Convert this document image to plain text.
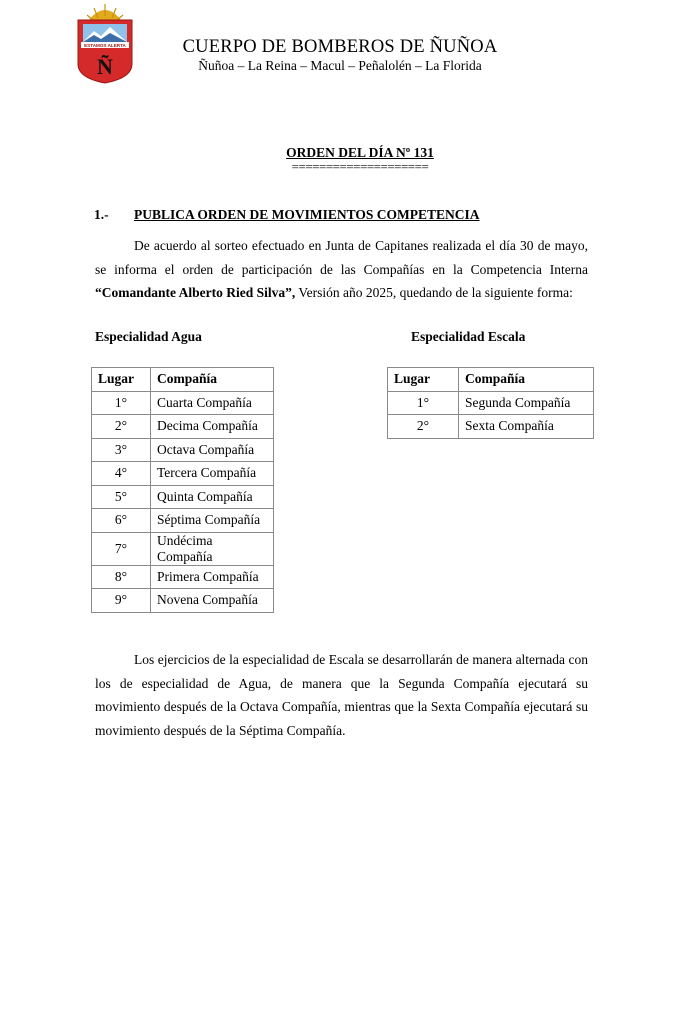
ESTAMOS ALERTA
Ñ
CUERPO DE BOMBEROS DE ÑUÑOA
Ñuñoa – La Reina – Macul – Peñalolén – La Florida
ORDEN DEL DÍA Nº 131
====================
1.- PUBLICA ORDEN DE MOVIMIENTOS COMPETENCIA

De acuerdo al sorteo efectuado en Junta de Capitanes realizada el día 30 de mayo, se informa el orden de participación de las Compañías en la Competencia Interna “Comandante Alberto Ried Silva”, Versión año 2025, quedando de la siguiente forma:

Especialidad Agua	Especialidad Escala
Lugar	Compañía
1°	Cuarta Compañía
2°	Decima Compañía
3°	Octava Compañía
4°	Tercera Compañía
5°	Quinta Compañía
6°	Séptima Compañía
7°	Undécima Compañía
8°	Primera Compañía
9°	Novena Compañía
Lugar	Compañía
1°	Segunda Compañía
2°	Sexta Compañía

Los ejercicios de la especialidad de Escala se desarrollarán de manera alternada con los de especialidad de Agua, de manera que la Segunda Compañía ejecutará su movimiento después de la Octava Compañía, mientras que la Sexta Compañía ejecutará su movimiento después de la Séptima Compañía.
